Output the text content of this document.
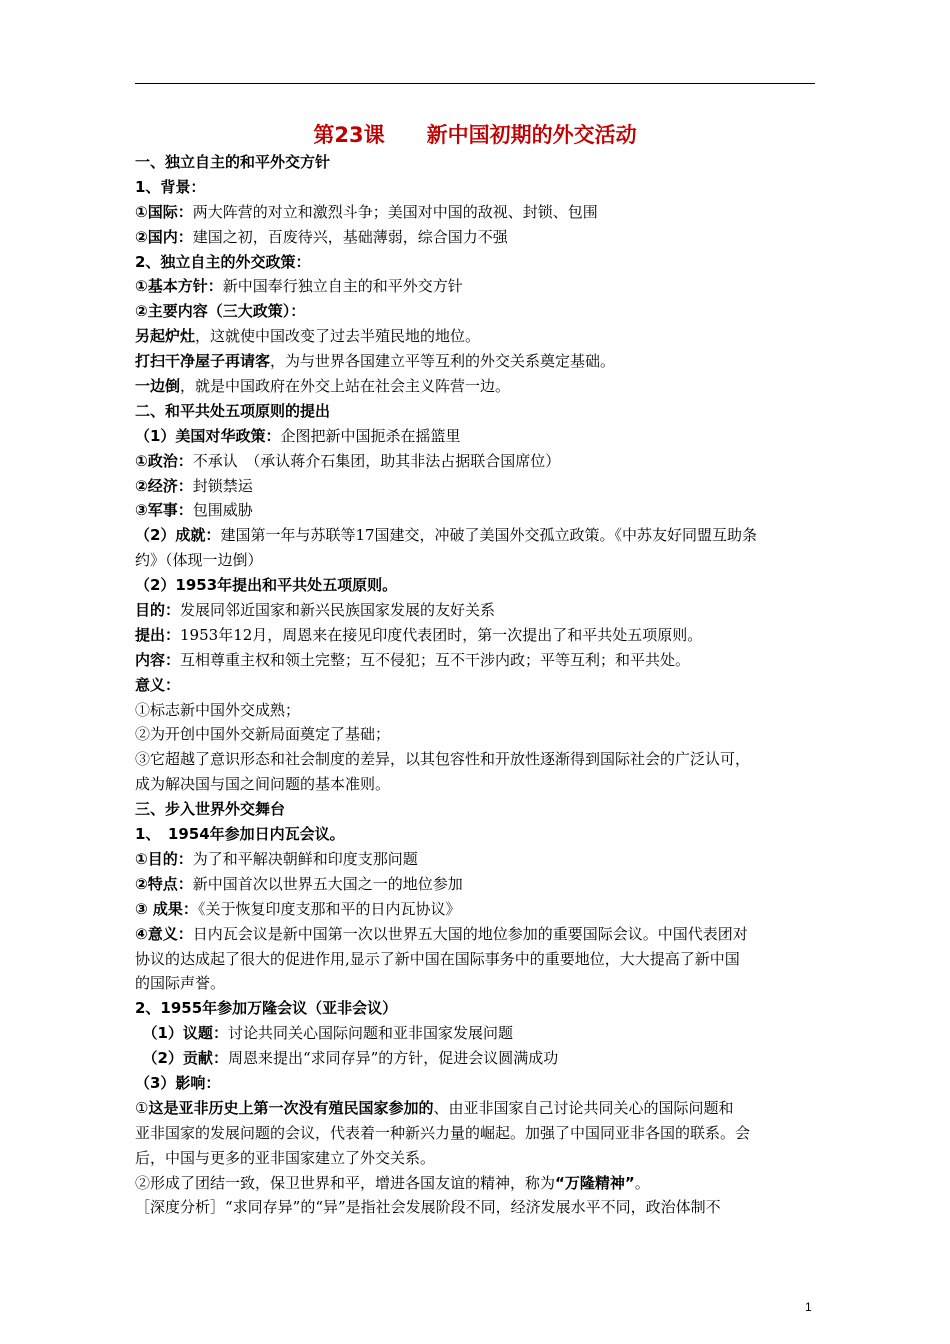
第23课　　新中国初期的外交活动
一、独立自主的和平外交方针
1、背景：
①国际：两大阵营的对立和激烈斗争；美国对中国的敌视、封锁、包围
②国内：建国之初，百废待兴，基础薄弱，综合国力不强
2、独立自主的外交政策：
①基本方针：新中国奉行独立自主的和平外交方针
②主要内容（三大政策）：
另起炉灶，这就使中国改变了过去半殖民地的地位。
打扫干净屋子再请客，为与世界各国建立平等互利的外交关系奠定基础。
一边倒，就是中国政府在外交上站在社会主义阵营一边。
二、和平共处五项原则的提出
（1）美国对华政策：企图把新中国扼杀在摇篮里
①政治：不承认　（承认蒋介石集团，助其非法占据联合国席位）
②经济：封锁禁运
③军事：包围威胁
（2）成就：建国第一年与苏联等17国建交，冲破了美国外交孤立政策。《中苏友好同盟互助条
约》（体现一边倒）
（2）1953年提出和平共处五项原则。
目的：发展同邻近国家和新兴民族国家发展的友好关系
提出：1953年12月，周恩来在接见印度代表团时，第一次提出了和平共处五项原则。
内容：互相尊重主权和领土完整；互不侵犯；互不干涉内政；平等互利；和平共处。
意义：
①标志新中国外交成熟；
②为开创中国外交新局面奠定了基础；
③它超越了意识形态和社会制度的差异，以其包容性和开放性逐渐得到国际社会的广泛认可，
成为解决国与国之间问题的基本准则。
三、步入世界外交舞台
1、　1954年参加日内瓦会议。
①目的：为了和平解决朝鲜和印度支那问题
②特点：新中国首次以世界五大国之一的地位参加
③ 成果：《关于恢复印度支那和平的日内瓦协议》
④意义：日内瓦会议是新中国第一次以世界五大国的地位参加的重要国际会议。中国代表团对
协议的达成起了很大的促进作用,显示了新中国在国际事务中的重要地位，大大提高了新中国
的国际声誉。
2、1955年参加万隆会议（亚非会议）
　（1）议题：讨论共同关心国际问题和亚非国家发展问题
　（2）贡献：周恩来提出“求同存异”的方针，促进会议圆满成功
（3）影响：
①这是亚非历史上第一次没有殖民国家参加的、由亚非国家自己讨论共同关心的国际问题和
亚非国家的发展问题的会议，代表着一种新兴力量的崛起。加强了中国同亚非各国的联系。会
后，中国与更多的亚非国家建立了外交关系。
②形成了团结一致，保卫世界和平，增进各国友谊的精神，称为“万隆精神”。
［深度分析］“求同存异”的“异”是指社会发展阶段不同，经济发展水平不同，政治体制不
1
